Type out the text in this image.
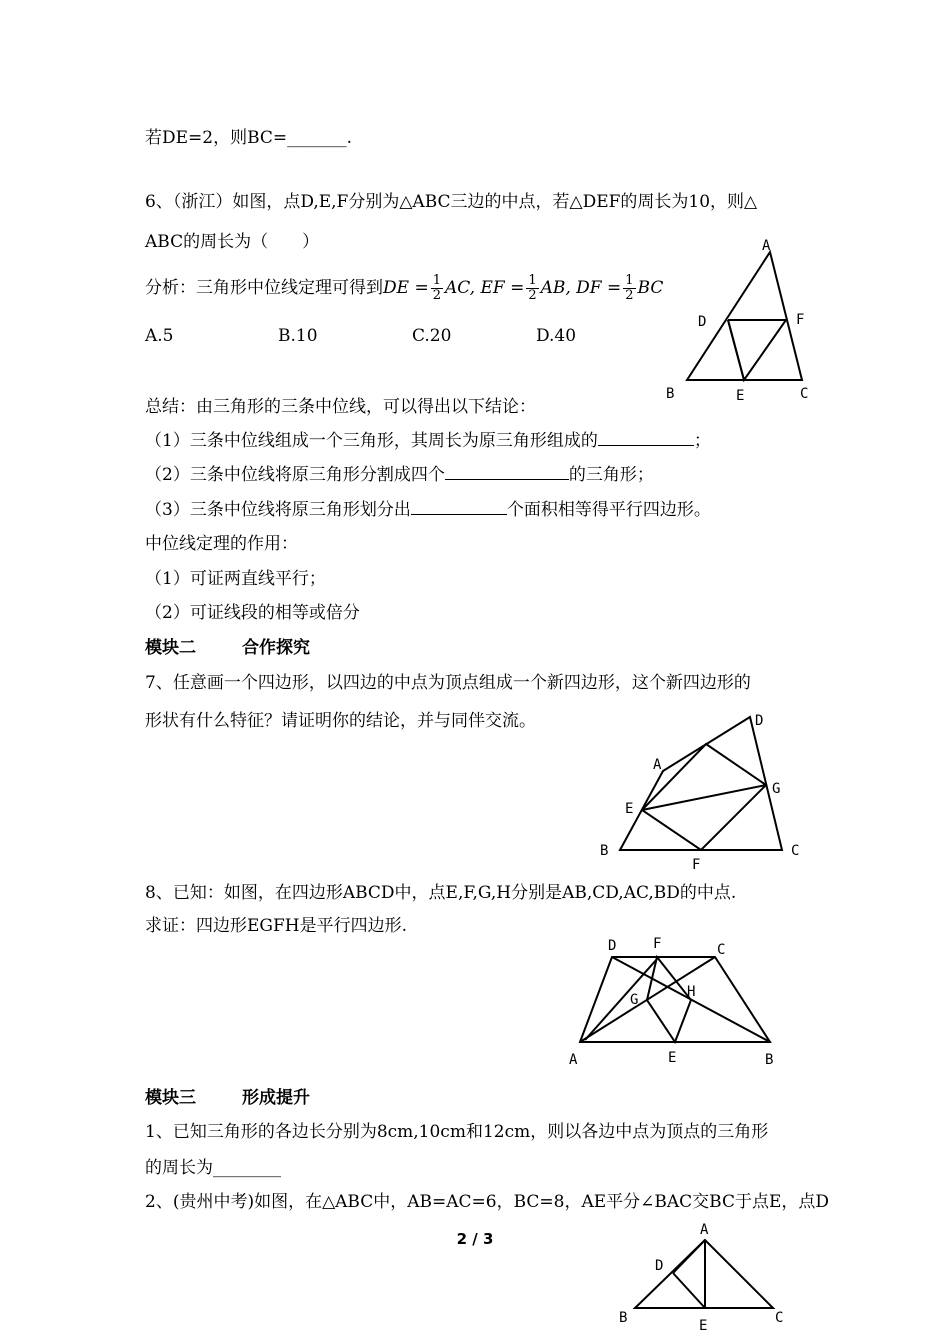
若DE=2，则BC=_______.
6、（浙江）如图，点D,E,F分别为△ABC三边的中点，若△DEF的周长为10，则△
ABC的周长为（　　）
分析：三角形中位线定理可得到DE = $\frac{1}{2}$ AC, EF = $\frac{1}{2}$ AB, DF = $\frac{1}{2}$ BC
A.5	B.10	C.20	D.40
A
D	F
B	E	C
总结：由三角形的三条中位线，可以得出以下结论：
（1）三条中位线组成一个三角形，其周长为原三角形组成的	；
（2）三条中位线将原三角形分割成四个	的三角形；
（3）三条中位线将原三角形划分出	个面积相等得平行四边形。
中位线定理的作用：
（1）可证两直线平行；
（2）可证线段的相等或倍分
模块二	合作探究
7、任意画一个四边形，以四边的中点为顶点组成一个新四边形，这个新四边形的
形状有什么特征？请证明你的结论，并与同伴交流。	D
A
E
G
B
F
C
8、已知：如图，在四边形ABCD中，点E,F,G,H分别是AB,CD,AC,BD的中点.
求证：四边形EGFH是平行四边形.
D	F	C
G	H
A	E	B
模块三	形成提升
1、已知三角形的各边长分别为8cm,10cm和12cm，则以各边中点为顶点的三角形
的周长为________
2、(贵州中考)如图，在△ABC中，AB=AC=6，BC=8，AE平分∠BAC交BC于点E，点D
2 / 3	A
D
B	E	C
